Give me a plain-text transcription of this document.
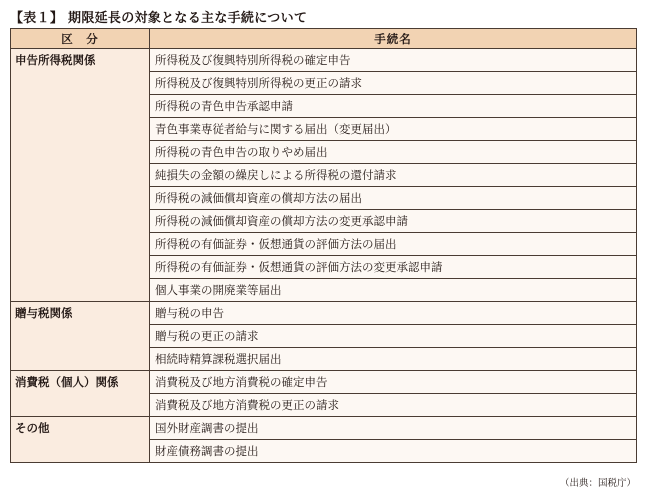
【表１】 期限延長の対象となる主な手続について
区　分	手続名
申告所得税関係	所得税及び復興特別所得税の確定申告
	所得税及び復興特別所得税の更正の請求
	所得税の青色申告承認申請
	青色事業専従者給与に関する届出（変更届出）
	所得税の青色申告の取りやめ届出
	純損失の金額の繰戻しによる所得税の還付請求
	所得税の減価償却資産の償却方法の届出
	所得税の減価償却資産の償却方法の変更承認申請
	所得税の有価証券・仮想通貨の評価方法の届出
	所得税の有価証券・仮想通貨の評価方法の変更承認申請
	個人事業の開廃業等届出
贈与税関係	贈与税の申告
	贈与税の更正の請求
	相続時精算課税選択届出
消費税（個人）関係	消費税及び地方消費税の確定申告
	消費税及び地方消費税の更正の請求
その他	国外財産調書の提出
	財産債務調書の提出
（出典：国税庁）
